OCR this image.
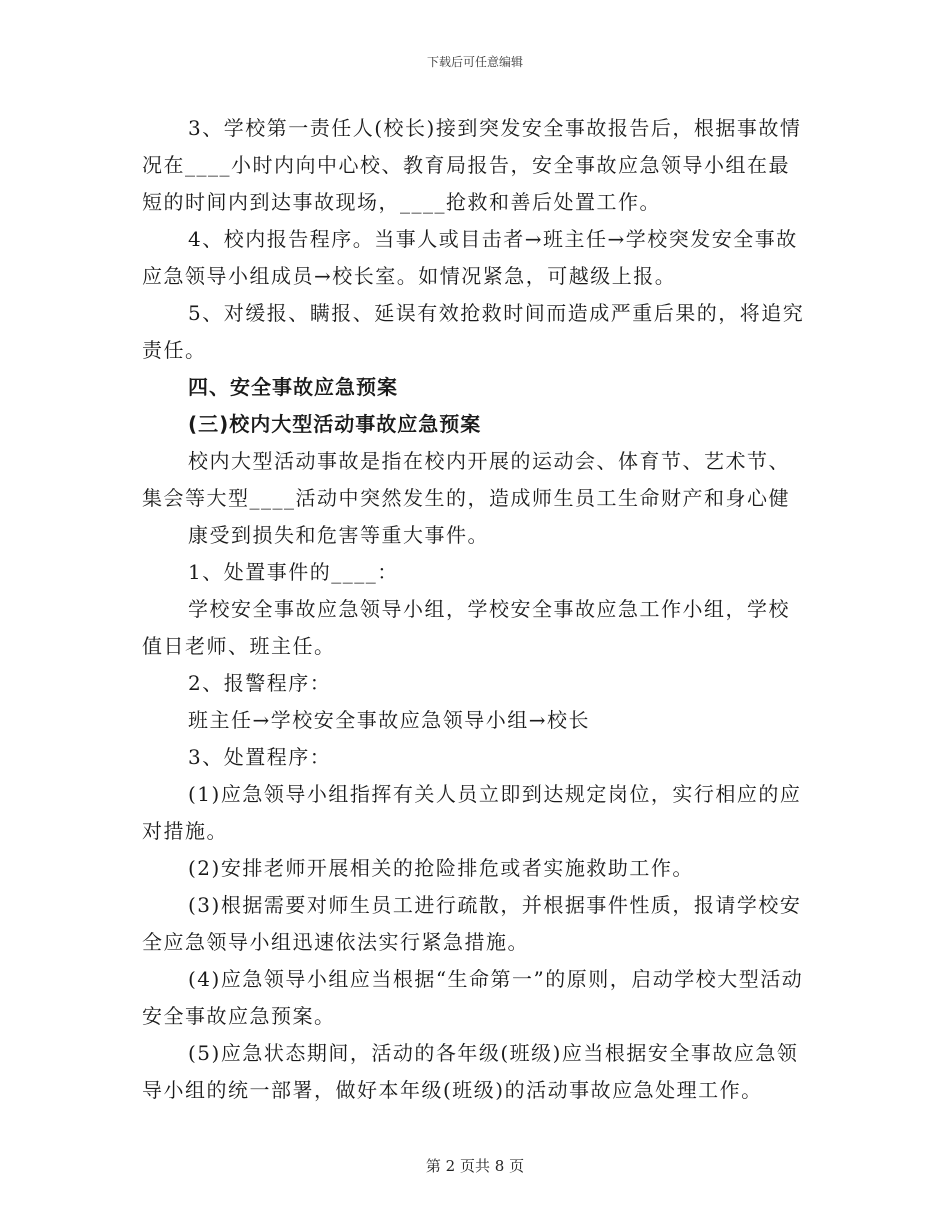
下载后可任意编辑

3、学校第一责任人(校长)接到突发安全事故报告后，根据事故情况在____小时内向中心校、教育局报告，安全事故应急领导小组在最短的时间内到达事故现场，____抢救和善后处置工作。

4、校内报告程序。当事人或目击者→班主任→学校突发安全事故应急领导小组成员→校长室。如情况紧急，可越级上报。

5、对缓报、瞒报、延误有效抢救时间而造成严重后果的，将追究责任。

四、安全事故应急预案

(三)校内大型活动事故应急预案

校内大型活动事故是指在校内开展的运动会、体育节、艺术节、集会等大型____活动中突然发生的，造成师生员工生命财产和身心健

康受到损失和危害等重大事件。

1、处置事件的____：

学校安全事故应急领导小组，学校安全事故应急工作小组，学校值日老师、班主任。

2、报警程序：

班主任→学校安全事故应急领导小组→校长

3、处置程序：

(1)应急领导小组指挥有关人员立即到达规定岗位，实行相应的应对措施。

(2)安排老师开展相关的抢险排危或者实施救助工作。

(3)根据需要对师生员工进行疏散，并根据事件性质，报请学校安全应急领导小组迅速依法实行紧急措施。

(4)应急领导小组应当根据“生命第一”的原则，启动学校大型活动安全事故应急预案。

(5)应急状态期间，活动的各年级(班级)应当根据安全事故应急领导小组的统一部署，做好本年级(班级)的活动事故应急处理工作。

第 2 页共 8 页
